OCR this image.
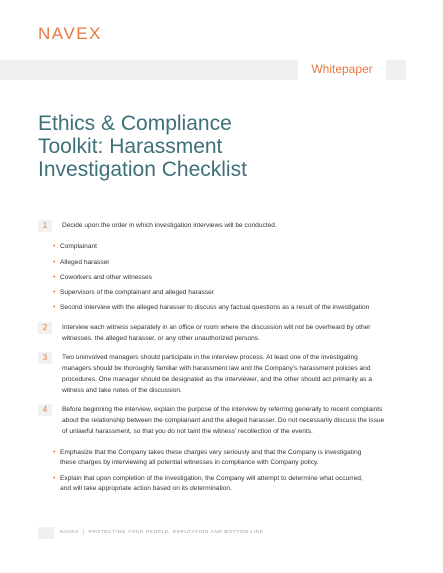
NAVEX
Whitepaper
Ethics & Compliance
Toolkit: Harassment
Investigation Checklist
1	Decide upon the order in which investigation interviews will be conducted.
• Complainant
• Alleged harasser
• Coworkers and other witnesses
• Supervisors of the complainant and alleged harasser
• Second interview with the alleged harasser to discuss any factual questions as a result of the investigation
2	Interview each witness separately in an office or room where the discussion will not be overheard by other
witnesses, the alleged harasser, or any other unauthorized persons.
3	Two uninvolved managers should participate in the interview process. At least one of the investigating
managers should be thoroughly familiar with harassment law and the Company’s harassment policies and
procedures. One manager should be designated as the interviewer, and the other should act primarily as a
witness and take notes of the discussion.
4	Before beginning the interview, explain the purpose of the interview by referring generally to recent complaints
about the relationship between the complainant and the alleged harasser. Do not necessarily discuss the issue
of unlawful harassment, so that you do not taint the witness’ recollection of the events.
• Emphasize that the Company takes these charges very seriously and that the Company is investigating
these charges by interviewing all potential witnesses in compliance with Company policy.
• Explain that upon completion of the investigation, the Company will attempt to determine what occurred,
and will take appropriate action based on its determination.
NAVEX | PROTECTING YOUR PEOPLE, REPUTATION AND BOTTOM LINE
